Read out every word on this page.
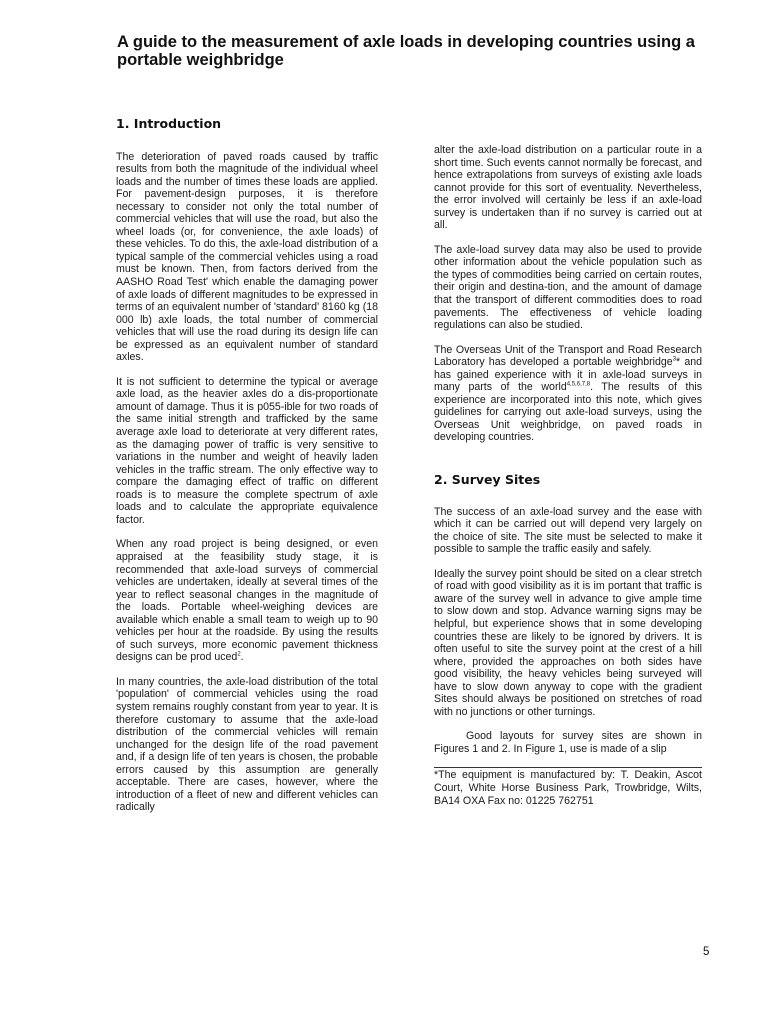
A guide to the measurement of axle loads in developing countries using a portable weighbridge
1. Introduction

The deterioration of paved roads caused by traffic results from both the magnitude of the individual wheel loads and the number of times these loads are applied. For pavement-design purposes, it is therefore necessary to consider not only the total number of commercial vehicles that will use the road, but also the wheel loads (or, for convenience, the axle loads) of these vehicles. To do this, the axle-load distribution of a typical sample of the commercial vehicles using a road must be known. Then, from factors derived from the AASHO Road Test' which enable the damaging power of axle loads of different magnitudes to be expressed in terms of an equivalent number of 'standard' 8160 kg (18 000 lb) axle loads, the total number of commercial vehicles that will use the road during its design life can be expressed as an equivalent number of standard axles.

It is not sufficient to determine the typical or average axle load, as the heavier axles do a dis-proportionate amount of damage. Thus it is p055-ible for two roads of the same initial strength and trafficked by the same average axle load to deteriorate at very different rates, as the damaging power of traffic is very sensitive to variations in the number and weight of heavily laden vehicles in the traffic stream. The only effective way to compare the damaging effect of traffic on different roads is to measure the complete spectrum of axle loads and to calculate the appropriate equivalence factor.

When any road project is being designed, or even appraised at the feasibility study stage, it is recommended that axle-load surveys of commercial vehicles are undertaken, ideally at several times of the year to reflect seasonal changes in the magnitude of the loads. Portable wheel-weighing devices are available which enable a small team to weigh up to 90 vehicles per hour at the roadside. By using the results of such surveys, more economic pavement thickness designs can be prod uced$^2$.

In many countries, the axle-load distribution of the total 'population' of commercial vehicles using the road system remains roughly constant from year to year. It is therefore customary to assume that the axle-load distribution of the commercial vehicles will remain unchanged for the design life of the road pavement and, if a design life of ten years is chosen, the probable errors caused by this assumption are generally acceptable. There are cases, however, where the introduction of a fleet of new and different vehicles can radically

alter the axle-load distribution on a particular route in a short time. Such events cannot normally be forecast, and hence extrapolations from surveys of existing axle loads cannot provide for this sort of eventuality. Nevertheless, the error involved will certainly be less if an axle-load survey is undertaken than if no survey is carried out at all.

The axle-load survey data may also be used to provide other information about the vehicle population such as the types of commodities being carried on certain routes, their origin and destina-tion, and the amount of damage that the transport of different commodities does to road pavements. The effectiveness of vehicle loading regulations can also be studied.

The Overseas Unit of the Transport and Road Research Laboratory has developed a portable weighbridge$^3$* and has gained experience with it in axle-load surveys in many parts of the world$^{4,5,6,7,8}$. The results of this experience are incorporated into this note, which gives guidelines for carrying out axle-load surveys, using the Overseas Unit weighbridge, on paved roads in developing countries.

2. Survey Sites

The success of an axle-load survey and the ease with which it can be carried out will depend very largely on the choice of site. The site must be selected to make it possible to sample the traffic easily and safely.

Ideally the survey point should be sited on a clear stretch of road with good visibility as it is im portant that traffic is aware of the survey well in advance to give ample time to slow down and stop. Advance warning signs may be helpful, but experience shows that in some developing countries these are likely to be ignored by drivers. It is often useful to site the survey point at the crest of a hill where, provided the approaches on both sides have good visibility, the heavy vehicles being surveyed will have to slow down anyway to cope with the gradient Sites should always be positioned on stretches of road with no junctions or other turnings.

Good layouts for survey sites are shown in Figures 1 and 2. In Figure 1, use is made of a slip

*The equipment is manufactured by: T. Deakin, Ascot Court, White Horse Business Park, Trowbridge, Wilts, BA14 OXA Fax no: 01225 762751

5
